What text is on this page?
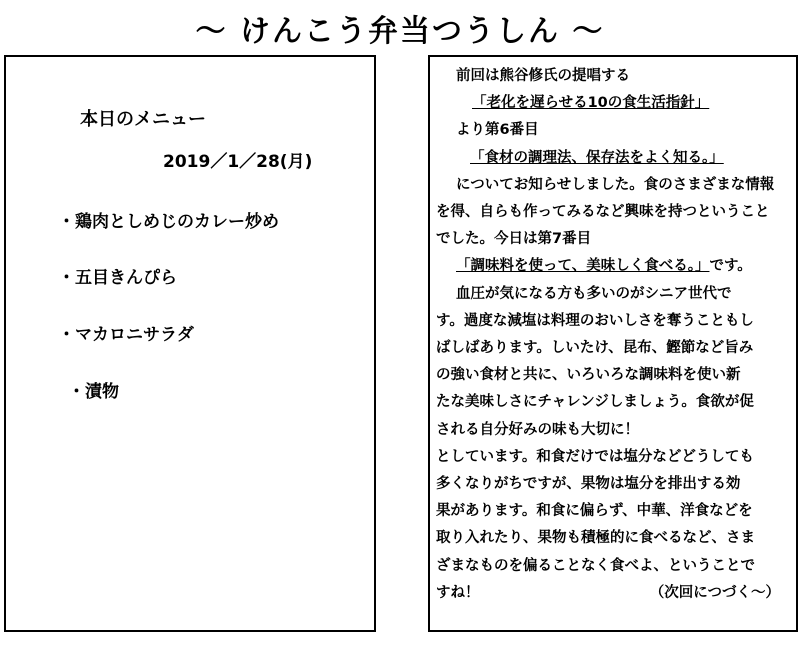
～ けんこう弁当つうしん ～
本日のメニュー
2019／1／28(月)
・鶏肉としめじのカレー炒め
・五目きんぴら
・マカロニサラダ
・漬物
前回は熊谷修氏の提唱する
「老化を遅らせる10の食生活指針」
より第6番目
「食材の調理法、保存法をよく知る。」
についてお知らせしました。食のさまざまな情報
を得、自らも作ってみるなど興味を持つということ
でした。今日は第7番目
「調味料を使って、美味しく食べる。」です。
血圧が気になる方も多いのがシニア世代で
す。過度な減塩は料理のおいしさを奪うこともし
ばしばあります。しいたけ、昆布、鰹節など旨み
の強い食材と共に、いろいろな調味料を使い新
たな美味しさにチャレンジしましょう。食欲が促
される自分好みの味も大切に！
としています。和食だけでは塩分などどうしても
多くなりがちですが、果物は塩分を排出する効
果があります。和食に偏らず、中華、洋食などを
取り入れたり、果物も積極的に食べるなど、さま
ざまなものを偏ることなく食べよ、ということで
すね！	（次回につづく～）
